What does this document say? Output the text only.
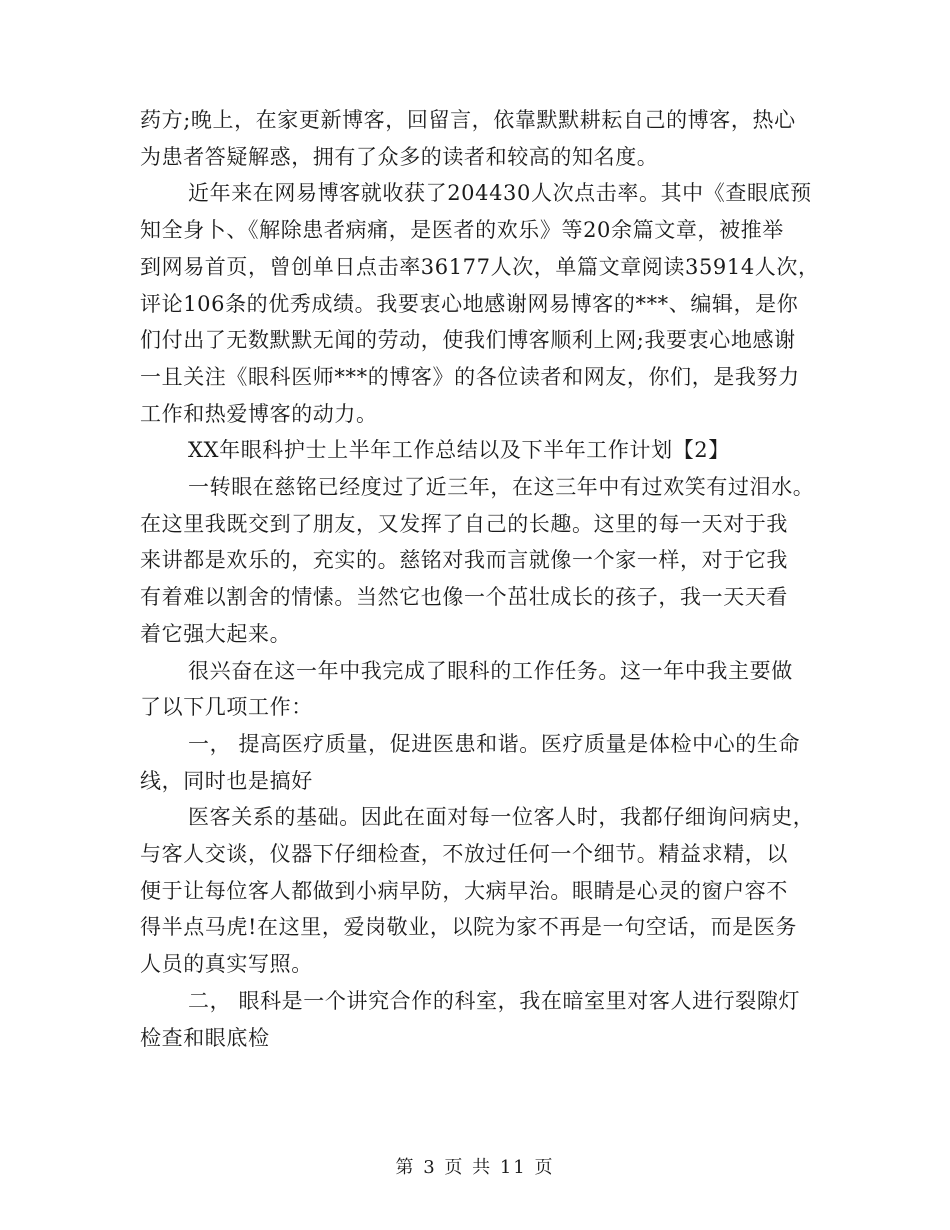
药方;晚上，在家更新博客，回留言，依靠默默耕耘自己的博客，热心
为患者答疑解惑，拥有了众多的读者和较高的知名度。

近年来在网易博客就收获了204430人次点击率。其中《查眼底预
知全身卜、《解除患者病痛，是医者的欢乐》等20余篇文章，被推举
到网易首页，曾创单日点击率36177人次，单篇文章阅读35914人次，
评论106条的优秀成绩。我要衷心地感谢网易博客的***、编辑，是你
们付出了无数默默无闻的劳动，使我们博客顺利上网;我要衷心地感谢
一且关注《眼科医师***的博客》的各位读者和网友，你们，是我努力
工作和热爱博客的动力。

XX年眼科护士上半年工作总结以及下半年工作计划【2】

一转眼在慈铭已经度过了近三年，在这三年中有过欢笑有过泪水。
在这里我既交到了朋友，又发挥了自己的长趣。这里的每一天对于我
来讲都是欢乐的，充实的。慈铭对我而言就像一个家一样，对于它我
有着难以割舍的情愫。当然它也像一个茁壮成长的孩子，我一天天看
着它强大起来。

很兴奋在这一年中我完成了眼科的工作任务。这一年中我主要做
了以下几项工作：

一， 提高医疗质量，促进医患和谐。医疗质量是体检中心的生命
线，同时也是搞好

医客关系的基础。因此在面对每一位客人时，我都仔细询问病史，
与客人交谈，仪器下仔细检查，不放过任何一个细节。精益求精，以
便于让每位客人都做到小病早防，大病早治。眼睛是心灵的窗户容不
得半点马虎!在这里，爱岗敬业，以院为家不再是一句空话，而是医务
人员的真实写照。

二， 眼科是一个讲究合作的科室，我在暗室里对客人进行裂隙灯
检查和眼底检

第 3 页 共 11 页
